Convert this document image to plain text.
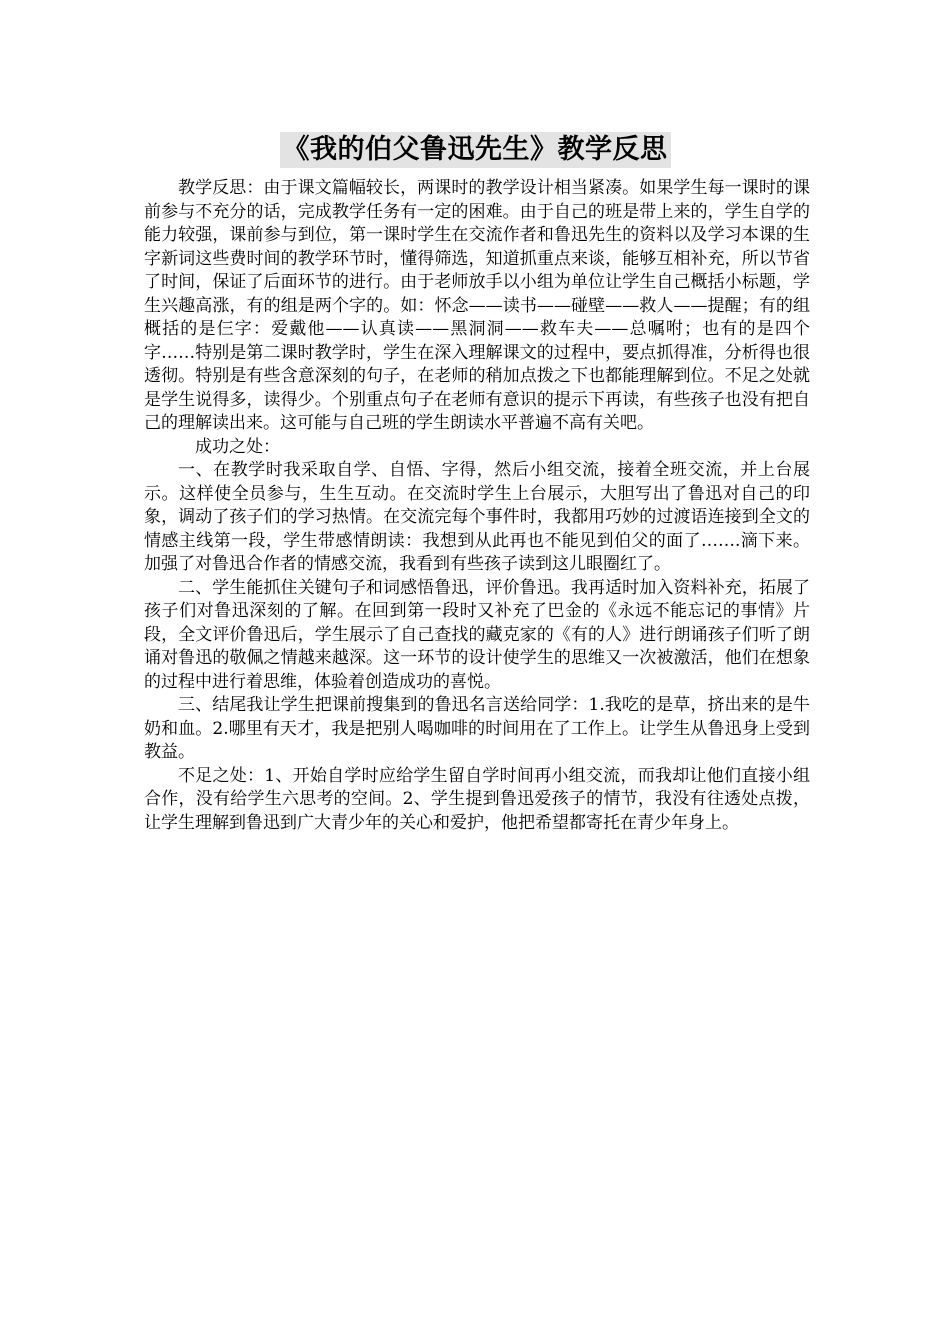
《我的伯父鲁迅先生》教学反思

教学反思：由于课文篇幅较长，两课时的教学设计相当紧凑。如果学生每一课时的课前参与不充分的话，完成教学任务有一定的困难。由于自己的班是带上来的，学生自学的能力较强，课前参与到位，第一课时学生在交流作者和鲁迅先生的资料以及学习本课的生字新词这些费时间的教学环节时，懂得筛选，知道抓重点来谈，能够互相补充，所以节省了时间，保证了后面环节的进行。由于老师放手以小组为单位让学生自己概括小标题，学生兴趣高涨，有的组是两个字的。如：怀念——读书——碰壁——救人——提醒；有的组概括的是仨字：爱戴他——认真读——黑洞洞——救车夫——总嘱咐；也有的是四个字……特别是第二课时教学时，学生在深入理解课文的过程中，要点抓得准，分析得也很透彻。特别是有些含意深刻的句子，在老师的稍加点拨之下也都能理解到位。不足之处就是学生说得多，读得少。个别重点句子在老师有意识的提示下再读，有些孩子也没有把自己的理解读出来。这可能与自己班的学生朗读水平普遍不高有关吧。

成功之处：

一、在教学时我采取自学、自悟、字得，然后小组交流，接着全班交流，并上台展示。这样使全员参与，生生互动。在交流时学生上台展示，大胆写出了鲁迅对自己的印象，调动了孩子们的学习热情。在交流完每个事件时，我都用巧妙的过渡语连接到全文的情感主线第一段，学生带感情朗读：我想到从此再也不能见到伯父的面了…….滴下来。加强了对鲁迅合作者的情感交流，我看到有些孩子读到这儿眼圈红了。

二、学生能抓住关键句子和词感悟鲁迅，评价鲁迅。我再适时加入资料补充，拓展了孩子们对鲁迅深刻的了解。在回到第一段时又补充了巴金的《永远不能忘记的事情》片段，全文评价鲁迅后，学生展示了自己查找的藏克家的《有的人》进行朗诵孩子们听了朗诵对鲁迅的敬佩之情越来越深。这一环节的设计使学生的思维又一次被激活，他们在想象的过程中进行着思维，体验着创造成功的喜悦。

三、结尾我让学生把课前搜集到的鲁迅名言送给同学：1.我吃的是草，挤出来的是牛奶和血。2.哪里有天才，我是把别人喝咖啡的时间用在了工作上。让学生从鲁迅身上受到教益。

不足之处：1、开始自学时应给学生留自学时间再小组交流，而我却让他们直接小组合作，没有给学生六思考的空间。2、学生提到鲁迅爱孩子的情节，我没有往透处点拨，让学生理解到鲁迅到广大青少年的关心和爱护，他把希望都寄托在青少年身上。
